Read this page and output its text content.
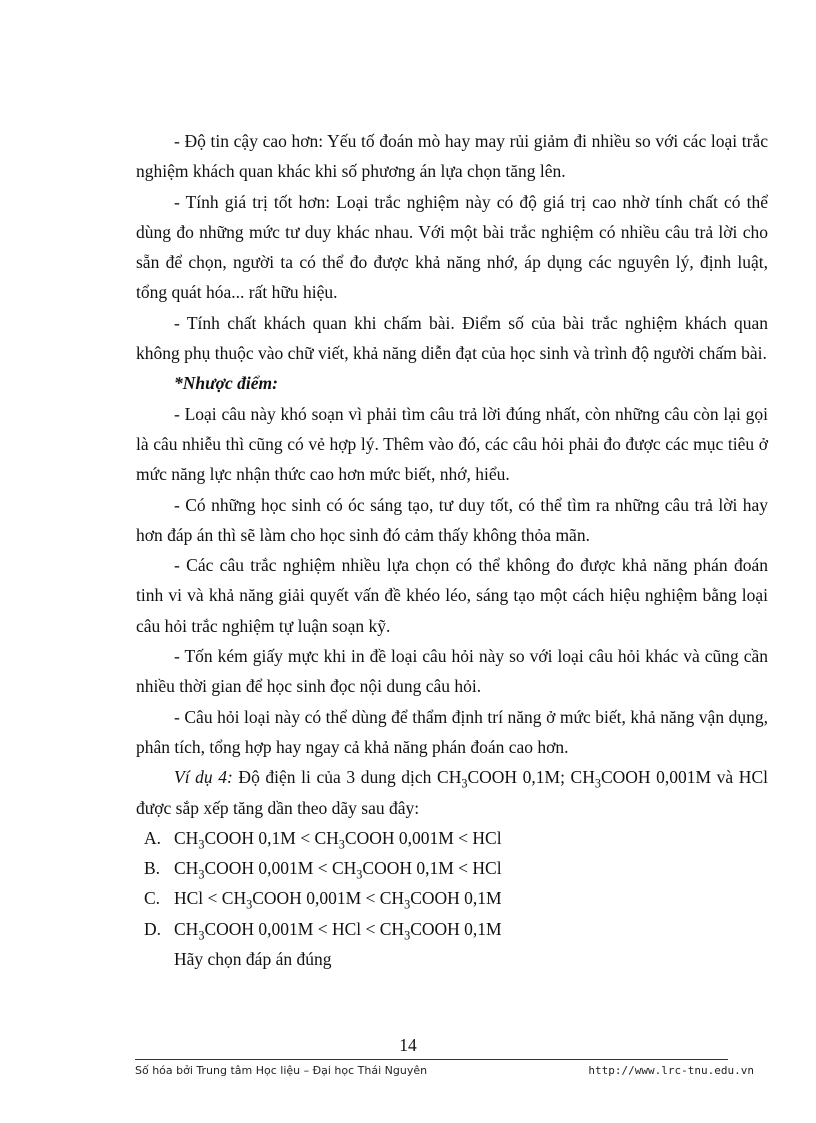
- Độ tin cậy cao hơn: Yếu tố đoán mò hay may rủi giảm đi nhiều so với các loại trắc nghiệm khách quan khác khi số phương án lựa chọn tăng lên.

- Tính giá trị tốt hơn: Loại trắc nghiệm này có độ giá trị cao nhờ tính chất có thể dùng đo những mức tư duy khác nhau. Với một bài trắc nghiệm có nhiều câu trả lời cho sẵn để chọn, người ta có thể đo được khả năng nhớ, áp dụng các nguyên lý, định luật, tổng quát hóa... rất hữu hiệu.

- Tính chất khách quan khi chấm bài. Điểm số của bài trắc nghiệm khách quan không phụ thuộc vào chữ viết, khả năng diễn đạt của học sinh và trình độ người chấm bài.

*Nhược điểm:

- Loại câu này khó soạn vì phải tìm câu trả lời đúng nhất, còn những câu còn lại gọi là câu nhiễu thì cũng có vẻ hợp lý. Thêm vào đó, các câu hỏi phải đo được các mục tiêu ở mức năng lực nhận thức cao hơn mức biết, nhớ, hiểu.

- Có những học sinh có óc sáng tạo, tư duy tốt, có thể tìm ra những câu trả lời hay hơn đáp án thì sẽ làm cho học sinh đó cảm thấy không thỏa mãn.

- Các câu trắc nghiệm nhiều lựa chọn có thể không đo được khả năng phán đoán tinh vi và khả năng giải quyết vấn đề khéo léo, sáng tạo một cách hiệu nghiệm bằng loại câu hỏi trắc nghiệm tự luận soạn kỹ.

- Tốn kém giấy mực khi in đề loại câu hỏi này so với loại câu hỏi khác và cũng cần nhiều thời gian để học sinh đọc nội dung câu hỏi.

- Câu hỏi loại này có thể dùng để thẩm định trí năng ở mức biết, khả năng vận dụng, phân tích, tổng hợp hay ngay cả khả năng phán đoán cao hơn.

Ví dụ 4: Độ điện li của 3 dung dịch $CH_3COOH$ 0,1M; $CH_3COOH$ 0,001M và HCl được sắp xếp tăng dần theo dãy sau đây:

A. $CH_3COOH$ $0,1M < CH_3COOH$ 0,001M < HCl

B. $CH_3COOH$ $0,001M < CH_3COOH$ 0,1M < HCl

C. HCl < $CH_3COOH$ $0,001M < CH_3COOH$ 0,1M

D. $CH_3COOH$ 0,001M < HCl < $CH_3COOH$ 0,1M

Hãy chọn đáp án đúng

14
Số hóa bởi Trung tâm Học liệu – Đại học Thái Nguyên	http://www.lrc-tnu.edu.vn
